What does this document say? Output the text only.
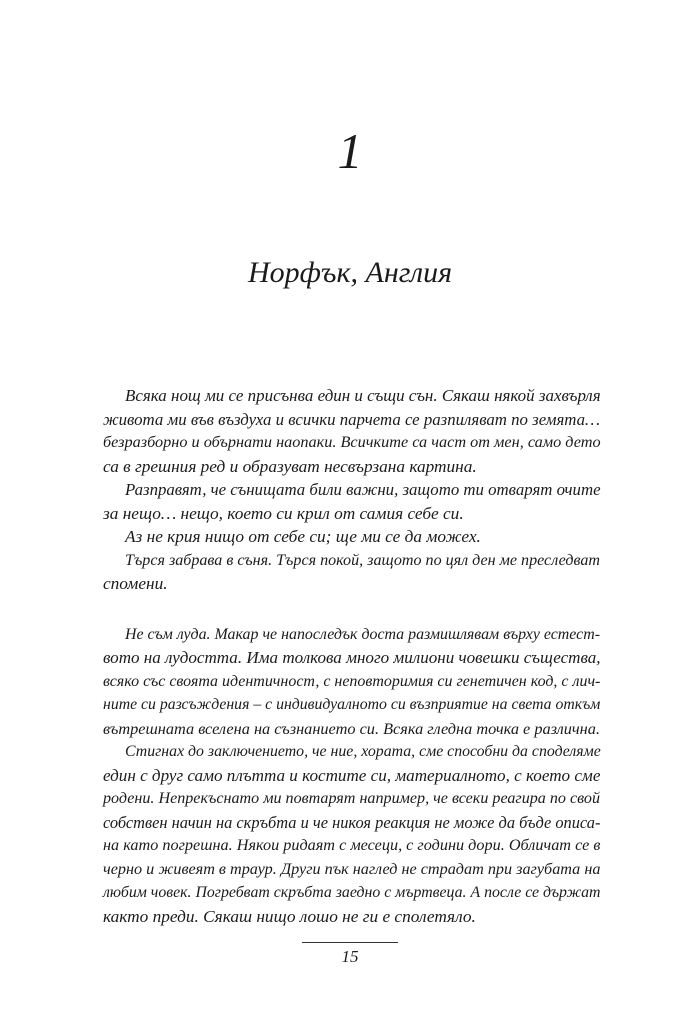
1
Норфък, Англия
Всяка нощ ми се присънва един и същи сън. Сякаш някой захвърля
живота ми във въздуха и всички парчета се разпиляват по земята…
безразборно и обърнати наопаки. Всичките са част от мен, само дето
са в грешния ред и образуват несвързана картина.
Разправят, че сънищата били важни, защото ти отварят очите
за нещо… нещо, което си крил от самия себе си.
Аз не крия нищо от себе си; ще ми се да можех.
Търся забрава в съня. Търся покой, защото по цял ден ме преследват
спомени.
Не съм луда. Макар че напоследък доста размишлявам върху естест-
вото на лудостта. Има толкова много милиони човешки същества,
всяко със своята идентичност, с неповторимия си генетичен код, с лич-
ните си разсъждения – с индивидуалното си възприятие на света откъм
вътрешната вселена на съзнанието си. Всяка гледна точка е различна.
Стигнах до заключението, че ние, хората, сме способни да споделяме
един с друг само плътта и костите си, материалното, с което сме
родени. Непрекъснато ми повтарят например, че всеки реагира по свой
собствен начин на скръбта и че никоя реакция не може да бъде описа-
на като погрешна. Някои ридаят с месеци, с години дори. Обличат се в
черно и живеят в траур. Други пък наглед не страдат при загубата на
любим човек. Погребват скръбта заедно с мъртвеца. А после се държат
както преди. Сякаш нищо лошо не ги е сполетяло.
15
